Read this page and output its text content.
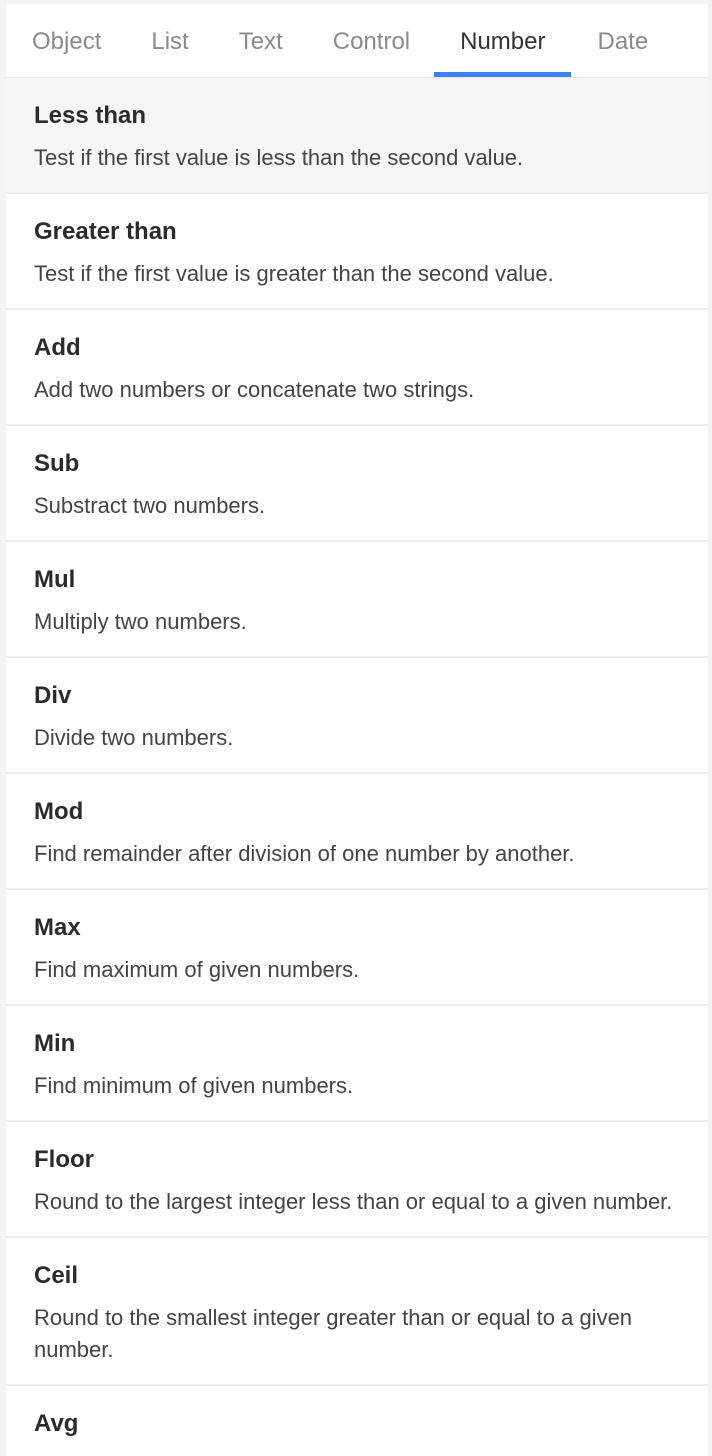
Object List Text Control	Number	Date
Less than
Test if the first value is less than the second value.
Greater than
Test if the first value is greater than the second value.
Add
Add two numbers or concatenate two strings.
Sub
Substract two numbers.
Mul
Multiply two numbers.
Div
Divide two numbers.
Mod
Find remainder after division of one number by another.
Max
Find maximum of given numbers.
Min
Find minimum of given numbers.
Floor
Round to the largest integer less than or equal to a given number.
Ceil
Round to the smallest integer greater than or equal to a given number.
Avg
